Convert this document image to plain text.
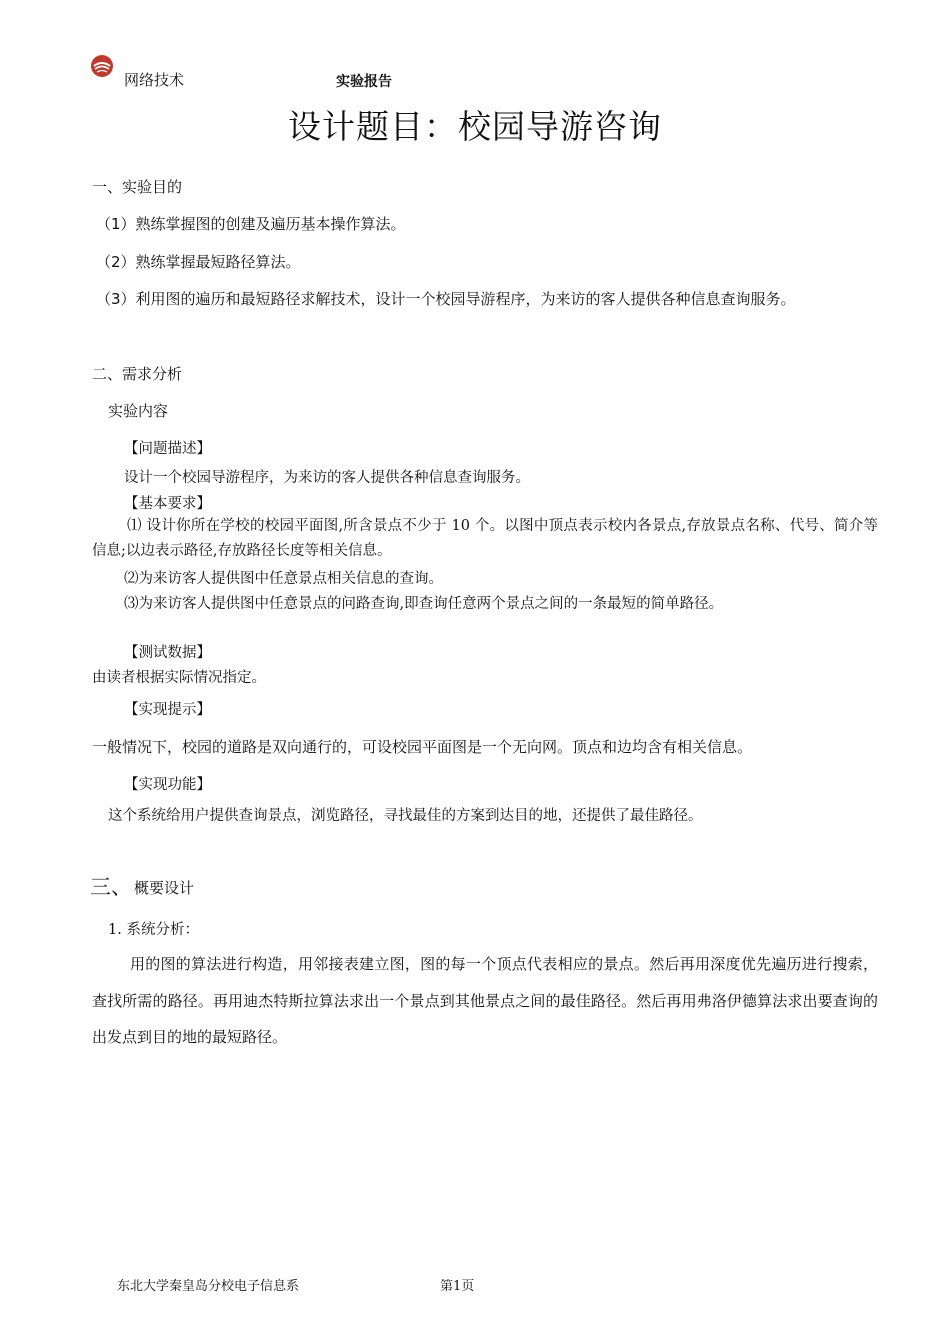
网络技术	实验报告
设计题目：校园导游咨询
一、实验目的
（1）熟练掌握图的创建及遍历基本操作算法。
（2）熟练掌握最短路径算法。
（3）利用图的遍历和最短路径求解技术，设计一个校园导游程序，为来访的客人提供各种信息查询服务。
二、需求分析
实验内容
【问题描述】
设计一个校园导游程序，为来访的客人提供各种信息查询服务。
【基本要求】
⑴ 设计你所在学校的校园平面图,所含景点不少于 10 个。以图中顶点表示校内各景点,存放景点名称、代号、简介等信息;以边表示路径,存放路径长度等相关信息。
⑵为来访客人提供图中任意景点相关信息的查询。
⑶为来访客人提供图中任意景点的问路查询,即查询任意两个景点之间的一条最短的简单路径。
【测试数据】
由读者根据实际情况指定。
【实现提示】
一般情况下，校园的道路是双向通行的，可设校园平面图是一个无向网。顶点和边均含有相关信息。
【实现功能】
这个系统给用户提供查询景点，浏览路径，寻找最佳的方案到达目的地，还提供了最佳路径。
三、 概要设计
1. 系统分析：
用的图的算法进行构造，用邻接表建立图，图的每一个顶点代表相应的景点。然后再用深度优先遍历进行搜索，查找所需的路径。再用迪杰特斯拉算法求出一个景点到其他景点之间的最佳路径。然后再用弗洛伊德算法求出要查询的出发点到目的地的最短路径。
东北大学秦皇岛分校电子信息系	第1页
